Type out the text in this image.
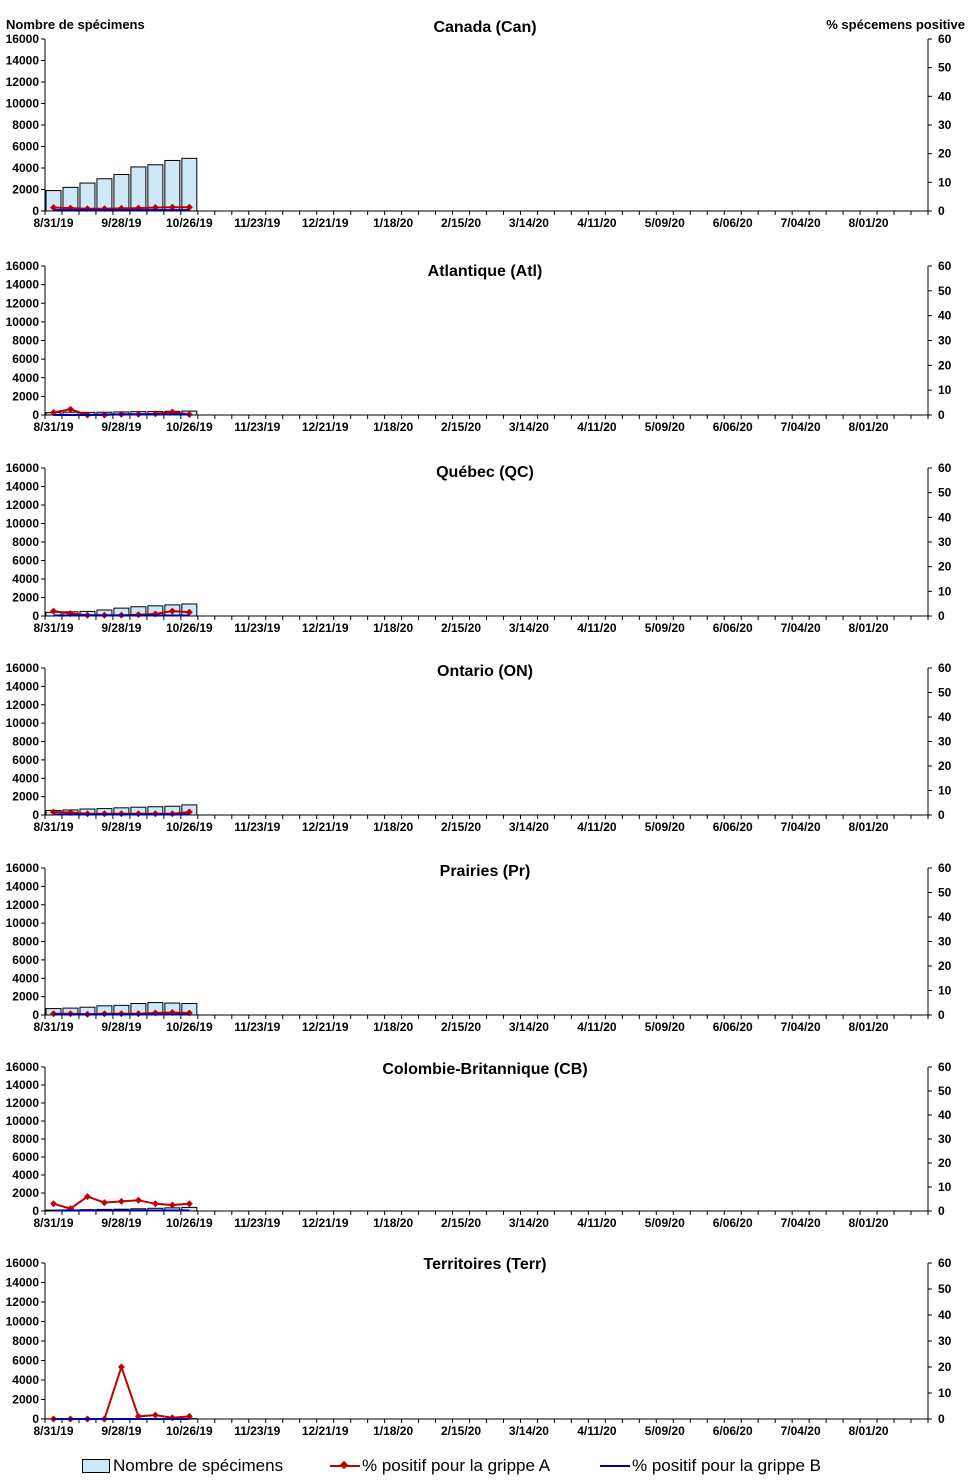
Nombre de spécimens	% spécemens positive
Canada (Can)
0
2000
4000
6000
8000
10000
12000
14000
16000
0
10
20
30
40
50
60
8/31/19 9/28/19 10/26/19 11/23/19 12/21/19 1/18/20 2/15/20 3/14/20 4/11/20 5/09/20 6/06/20 7/04/20 8/01/20
Atlantique (Atl)
0
2000
4000
6000
8000
10000
12000
14000
16000
0
10
20
30
40
50
60
8/31/19 9/28/19 10/26/19 11/23/19 12/21/19 1/18/20 2/15/20 3/14/20 4/11/20 5/09/20 6/06/20 7/04/20 8/01/20
Québec (QC)
0
2000
4000
6000
8000
10000
12000
14000
16000
0
10
20
30
40
50
60
8/31/19 9/28/19 10/26/19 11/23/19 12/21/19 1/18/20 2/15/20 3/14/20 4/11/20 5/09/20 6/06/20 7/04/20 8/01/20
Ontario (ON)
0
2000
4000
6000
8000
10000
12000
14000
16000
0
10
20
30
40
50
60
8/31/19 9/28/19 10/26/19 11/23/19 12/21/19 1/18/20 2/15/20 3/14/20 4/11/20 5/09/20 6/06/20 7/04/20 8/01/20
Prairies (Pr)
0
2000
4000
6000
8000
10000
12000
14000
16000
0
10
20
30
40
50
60
8/31/19 9/28/19 10/26/19 11/23/19 12/21/19 1/18/20 2/15/20 3/14/20 4/11/20 5/09/20 6/06/20 7/04/20 8/01/20
Colombie-Britannique (CB)
0
2000
4000
6000
8000
10000
12000
14000
16000
0
10
20
30
40
50
60
8/31/19 9/28/19 10/26/19 11/23/19 12/21/19 1/18/20 2/15/20 3/14/20 4/11/20 5/09/20 6/06/20 7/04/20 8/01/20
Territoires (Terr)
0
2000
4000
6000
8000
10000
12000
14000
16000
0
10
20
30
40
50
60
8/31/19 9/28/19 10/26/19 11/23/19 12/21/19 1/18/20 2/15/20 3/14/20 4/11/20 5/09/20 6/06/20 7/04/20 8/01/20
Nombre de spécimens	% positif pour la grippe A	% positif pour la grippe B
